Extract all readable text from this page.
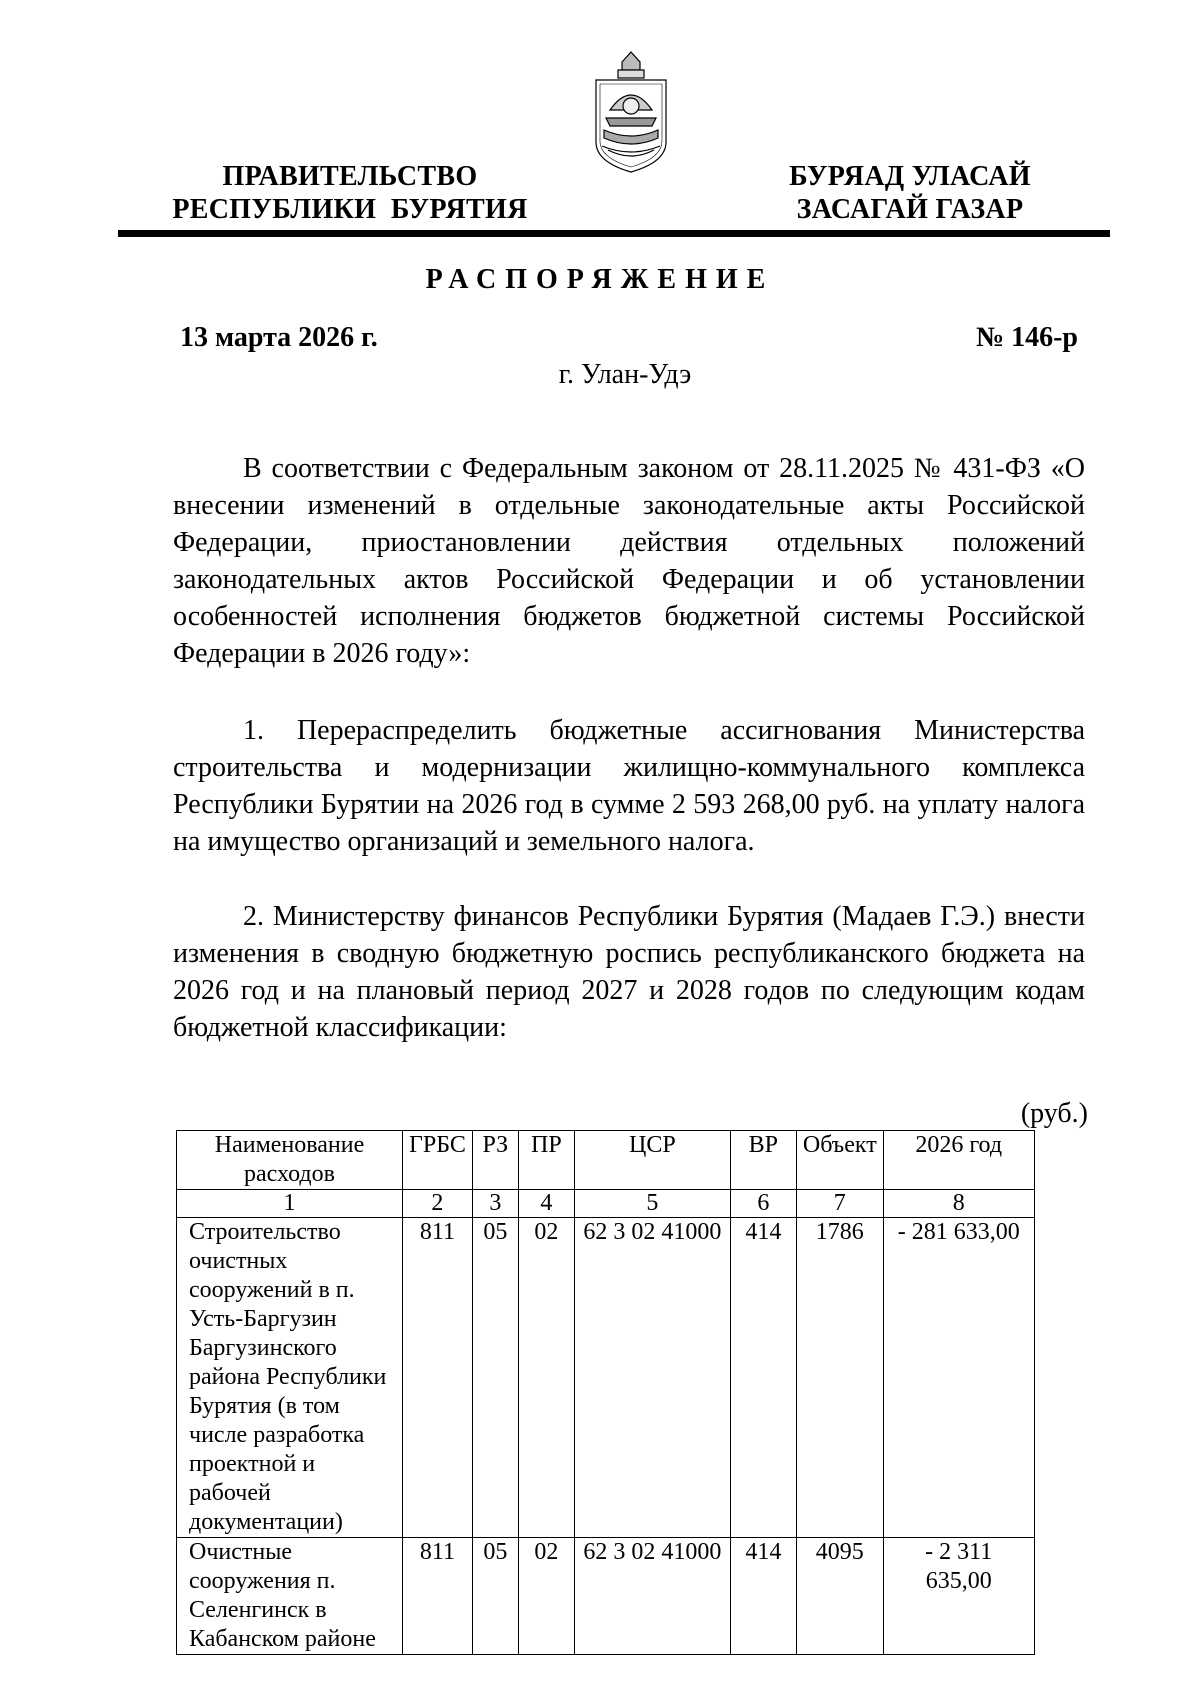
ПРАВИТЕЛЬСТВО
РЕСПУБЛИКИ  БУРЯТИЯ
БУРЯАД УЛАСАЙ
ЗАСАГАЙ ГАЗАР
РАСПОРЯЖЕНИЕ
13 марта 2026 г.	№ 146-р
г. Улан-Удэ

В соответствии с Федеральным законом от 28.11.2025 № 431-ФЗ «О внесении изменений в отдельные законодательные акты Российской Федерации, приостановлении действия отдельных положений законодательных актов Российской Федерации и об установлении особенностей исполнения бюджетов бюджетной системы Российской Федерации в 2026 году»:

1. Перераспределить бюджетные ассигнования Министерства строительства и модернизации жилищно-коммунального комплекса Республики Бурятии на 2026 год в сумме 2 593 268,00 руб. на уплату налога на имущество организаций и земельного налога.

2. Министерству финансов Республики Бурятия (Мадаев Г.Э.) внести изменения в сводную бюджетную роспись республиканского бюджета на 2026 год и на плановый период 2027 и 2028 годов по следующим кодам бюджетной классификации:

(руб.)
Наименование расходов	ГРБС	РЗ	ПР	ЦСР	ВР	Объект	2026 год
1	2	3	4	5	6	7	8
Строительство очистных сооружений в п. Усть-Баргузин Баргузинского района Республики Бурятия (в том числе разработка проектной и рабочей документации)	811	05	02	62 3 02 41000	414	1786	- 281 633,00
Очистные сооружения п. Селенгинск в Кабанском районе	811	05	02	62 3 02 41000	414	4095	- 2 311 635,00
